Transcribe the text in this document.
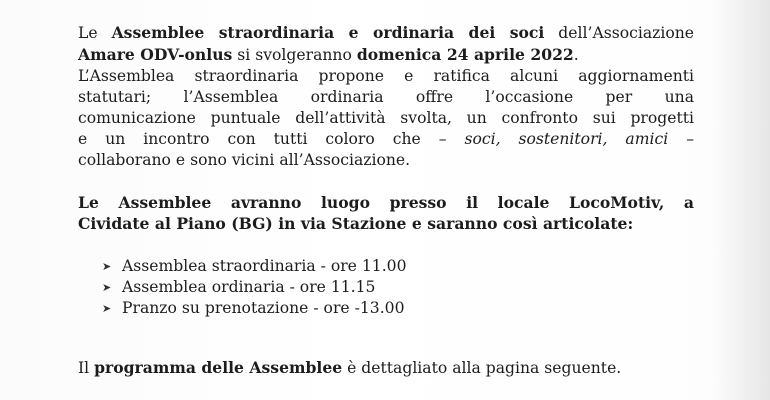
Le Assemblee straordinaria e ordinaria dei soci dell’Associazione
Amare ODV-onlus si svolgeranno domenica 24 aprile 2022.
L’Assemblea straordinaria propone e ratifica alcuni aggiornamenti
statutari; l’Assemblea ordinaria offre l’occasione per una
comunicazione puntuale dell’attività svolta, un confronto sui progetti
e un incontro con tutti coloro che – soci, sostenitori, amici –
collaborano e sono vicini all’Associazione.

Le Assemblee avranno luogo presso il locale LocoMotiv, a
Cividate al Piano (BG) in via Stazione e saranno così articolate:

➤ Assemblea straordinaria - ore 11.00
➤ Assemblea ordinaria - ore 11.15
➤ Pranzo su prenotazione - ore -13.00

Il programma delle Assemblee è dettagliato alla pagina seguente.
